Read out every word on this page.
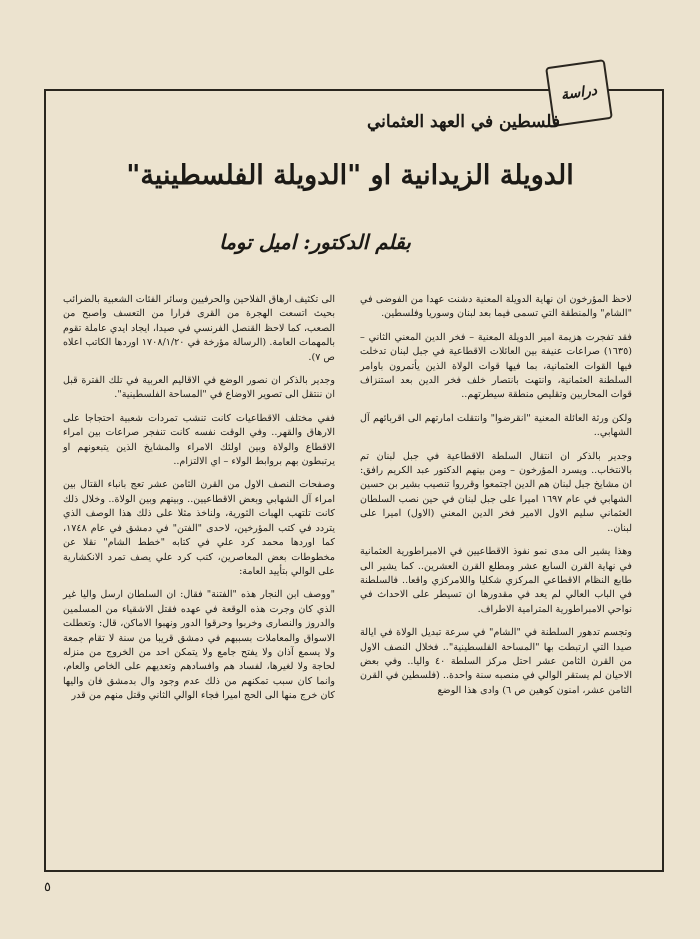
دراسة
فلسطين في العهد العثماني
الدويلة الزيدانية او "الدويلة الفلسطينية"
بقلم الدكتور: اميل توما

لاحظ المؤرخون ان نهاية الدويلة المعنية دشنت عهدا من الفوضى في "الشام" والمنطقة التي تسمى فيما بعد لبنان وسوريا وفلسطين.

فقد تفجرت هزيمة امير الدويلة المعنية – فخر الدين المعني الثاني – (١٦٣٥) صراعات عنيفة بين العائلات الاقطاعية في جبل لبنان تدخلت فيها القوات العثمانية، بما فيها قوات الولاة الذين يأتمرون باوامر السلطنة العثمانية، وانتهت بانتصار خلف فخر الدين بعد استنزاف قوات المحاربين وتقليص منطقة سيطرتهم..

ولكن ورثة العائلة المعنية "انقرضوا" وانتقلت امارتهم الى اقربائهم آل الشهابي..

وجدير بالذكر ان انتقال السلطة الاقطاعية في جبل لبنان تم بالانتخاب.. ويسرد المؤرخون – ومن بينهم الدكتور عبد الكريم رافق: ان مشايخ جبل لبنان هم الدين اجتمعوا وقرروا تنصيب بشير بن حسين الشهابي في عام ١٦٩٧ اميرا على جبل لبنان في حين نصب السلطان العثماني سليم الاول الامير فخر الدين المعني (الاول) اميرا على لبنان..

وهذا يشير الى مدى نمو نفوذ الاقطاعيين في الامبراطورية العثمانية في نهاية القرن السابع عشر ومطلع القرن العشرين.. كما يشير الى طابع النظام الاقطاعي المركزي شكليا واللامركزي واقعا.. فالسلطنة في الباب العالي لم يعد في مقدورها ان تسيطر على الاحداث في نواحي الامبراطورية المترامية الاطراف.

وتجسم تدهور السلطنة في "الشام" في سرعة تبديل الولاة في ايالة صيدا التي ارتبطت بها "المساحة الفلسطينية".. فخلال النصف الاول من القرن الثامن عشر احتل مركز السلطة ٤٠ واليا.. وفي بعض الاحيان لم يستقر الوالي في منصبه سنة واحدة.. (فلسطين في القرن الثامن عشر، امنون كوهين ص ٦) وادى هذا الوضع

الى تكثيف ارهاق الفلاحين والحرفيين وسائر الفئات الشعبية بالضرائب بحيث اتسعت الهجرة من القرى فرارا من التعسف واصبح من الصعب، كما لاحظ القنصل الفرنسي في صيدا، ايجاد ايدي عاملة تقوم بالمهمات العامة. (الرسالة مؤرخة في ١٧٠٨/١/٢٠ اوردها الكاتب اعلاه ص ٧).

وجدير بالذكر ان نصور الوضع في الاقاليم العربية في تلك الفترة قبل ان ننتقل الى تصوير الاوضاع في "المساحة الفلسطينية".

ففي مختلف الاقطاعيات كانت تنشب تمردات شعبية احتجاجا على الارهاق والقهر.. وفي الوقت نفسه كانت تنفجر صراعات بين امراء الاقطاع والولاة وبين اولئك الامراء والمشايخ الذين يتبعونهم او يرتبطون بهم بروابط الولاء – اي الالتزام..

وصفحات النصف الاول من القرن الثامن عشر تعج بانباء القتال بين امراء آل الشهابي وبعض الاقطاعيين.. وبينهم وبين الولاة.. وخلال ذلك كانت تلتهب الهبات الثورية، ولناخذ مثلا على ذلك هذا الوصف الذي يتردد في كتب المؤرخين، لاحدى "الفتن" في دمشق في عام ١٧٤٨، كما اوردها محمد كرد علي في كتابه "خطط الشام" نقلا عن مخطوطات بعض المعاصرين، كتب كرد علي يصف تمرد الانكشارية على الوالي بتأييد العامة:

"ووصف ابن النجار هذه "الفتنة" فقال: ان السلطان ارسل واليا غير الذي كان وجرت هذه الوقعة في عهده فقتل الاشقياء من المسلمين والدروز والنصارى وخربوا وحرقوا الدور ونهبوا الاماكن، قال: وتعطلت الاسواق والمعاملات بسببهم في دمشق قريبا من سنة لا تقام جمعة ولا يسمع آذان ولا يفتح جامع ولا يتمكن احد من الخروج من منزله لحاجة ولا لغيرها، لفساد هم وافسادهم وتعديهم على الخاص والعام، وانما كان سبب تمكنهم من ذلك عدم وجود وال بدمشق فان واليها كان خرج منها الى الحج اميرا فجاء الوالي الثاني وقتل منهم من قدر

٥
